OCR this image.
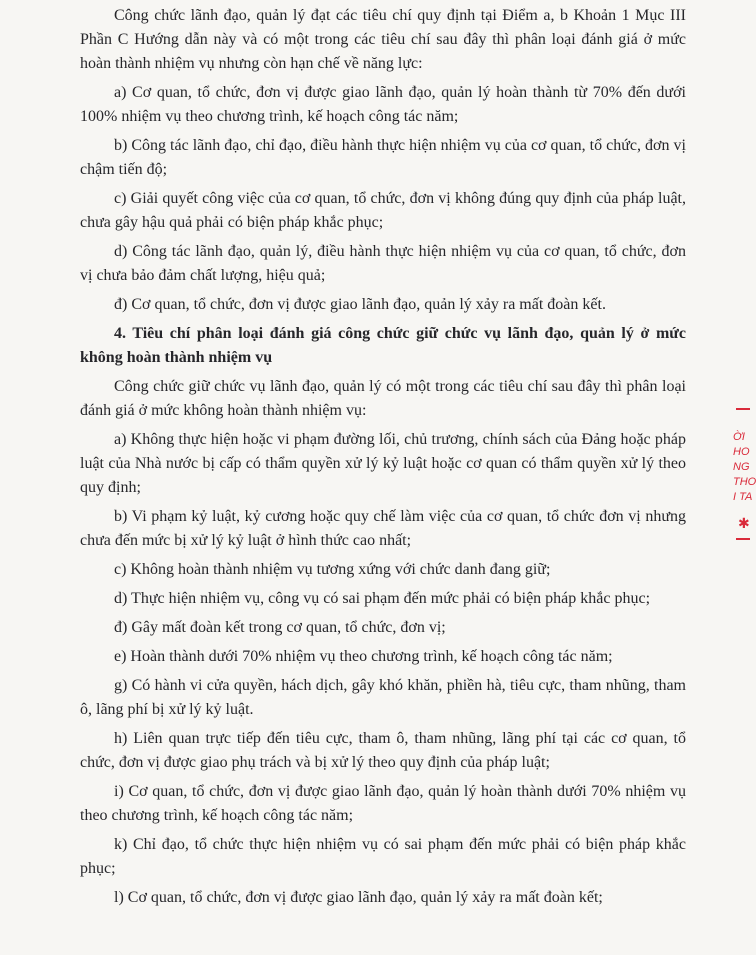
Công chức lãnh đạo, quản lý đạt các tiêu chí quy định tại Điểm a, b Khoản 1 Mục III Phần C Hướng dẫn này và có một trong các tiêu chí sau đây thì phân loại đánh giá ở mức hoàn thành nhiệm vụ nhưng còn hạn chế về năng lực:

a) Cơ quan, tổ chức, đơn vị được giao lãnh đạo, quản lý hoàn thành từ 70% đến dưới 100% nhiệm vụ theo chương trình, kế hoạch công tác năm;

b) Công tác lãnh đạo, chỉ đạo, điều hành thực hiện nhiệm vụ của cơ quan, tổ chức, đơn vị chậm tiến độ;

c) Giải quyết công việc của cơ quan, tổ chức, đơn vị không đúng quy định của pháp luật, chưa gây hậu quả phải có biện pháp khắc phục;

d) Công tác lãnh đạo, quản lý, điều hành thực hiện nhiệm vụ của cơ quan, tổ chức, đơn vị chưa bảo đảm chất lượng, hiệu quả;

đ) Cơ quan, tổ chức, đơn vị được giao lãnh đạo, quản lý xảy ra mất đoàn kết.

4. Tiêu chí phân loại đánh giá công chức giữ chức vụ lãnh đạo, quản lý ở mức không hoàn thành nhiệm vụ

Công chức giữ chức vụ lãnh đạo, quản lý có một trong các tiêu chí sau đây thì phân loại đánh giá ở mức không hoàn thành nhiệm vụ:

a) Không thực hiện hoặc vi phạm đường lối, chủ trương, chính sách của Đảng hoặc pháp luật của Nhà nước bị cấp có thẩm quyền xử lý kỷ luật hoặc cơ quan có thẩm quyền xử lý theo quy định;

b) Vi phạm kỷ luật, kỷ cương hoặc quy chế làm việc của cơ quan, tổ chức đơn vị nhưng chưa đến mức bị xử lý kỷ luật ở hình thức cao nhất;

c) Không hoàn thành nhiệm vụ tương xứng với chức danh đang giữ;

d) Thực hiện nhiệm vụ, công vụ có sai phạm đến mức phải có biện pháp khắc phục;

đ) Gây mất đoàn kết trong cơ quan, tổ chức, đơn vị;

e) Hoàn thành dưới 70% nhiệm vụ theo chương trình, kế hoạch công tác năm;

g) Có hành vi cửa quyền, hách dịch, gây khó khăn, phiền hà, tiêu cực, tham nhũng, tham ô, lãng phí bị xử lý kỷ luật.

h) Liên quan trực tiếp đến tiêu cực, tham ô, tham nhũng, lãng phí tại các cơ quan, tổ chức, đơn vị được giao phụ trách và bị xử lý theo quy định của pháp luật;

i) Cơ quan, tổ chức, đơn vị được giao lãnh đạo, quản lý hoàn thành dưới 70% nhiệm vụ theo chương trình, kế hoạch công tác năm;

k) Chỉ đạo, tổ chức thực hiện nhiệm vụ có sai phạm đến mức phải có biện pháp khắc phục;

l) Cơ quan, tổ chức, đơn vị được giao lãnh đạo, quản lý xảy ra mất đoàn kết;

ỜI
HO
NG
THO
I TA
✱
